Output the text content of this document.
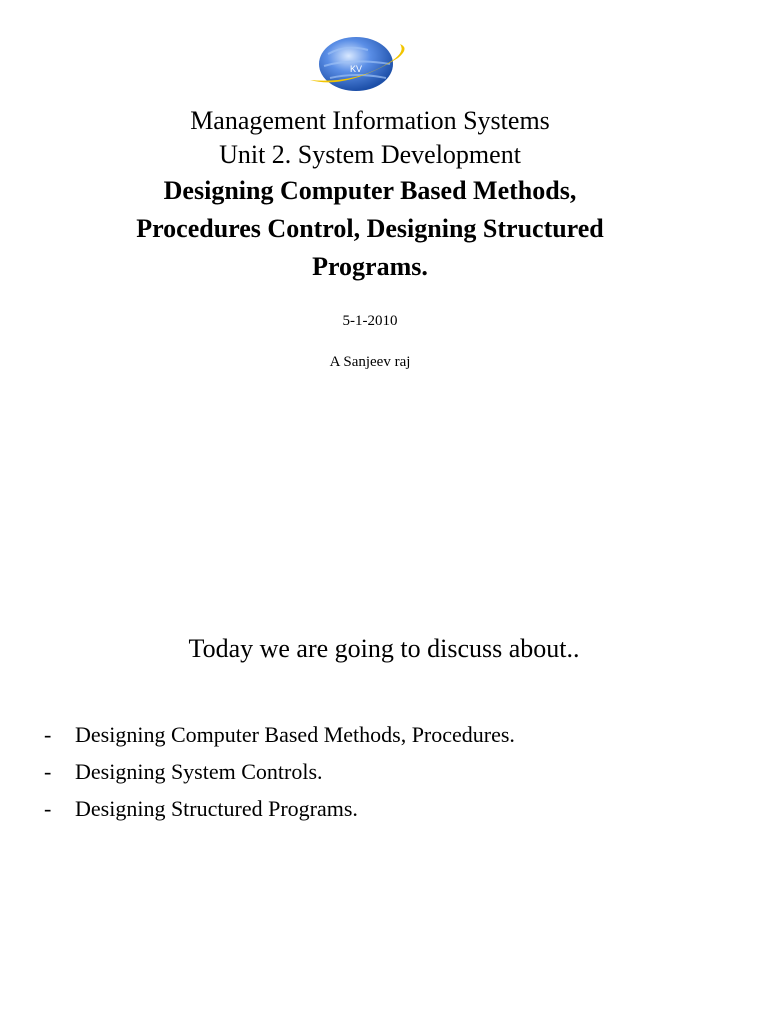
KV

Management Information Systems

Unit 2. System Development

Designing Computer Based Methods,

Procedures Control, Designing Structured

Programs.

5-1-2010
A Sanjeev raj
Today we are going to discuss about..
-	Designing Computer Based Methods, Procedures.
-	Designing System Controls.
-	Designing Structured Programs.
